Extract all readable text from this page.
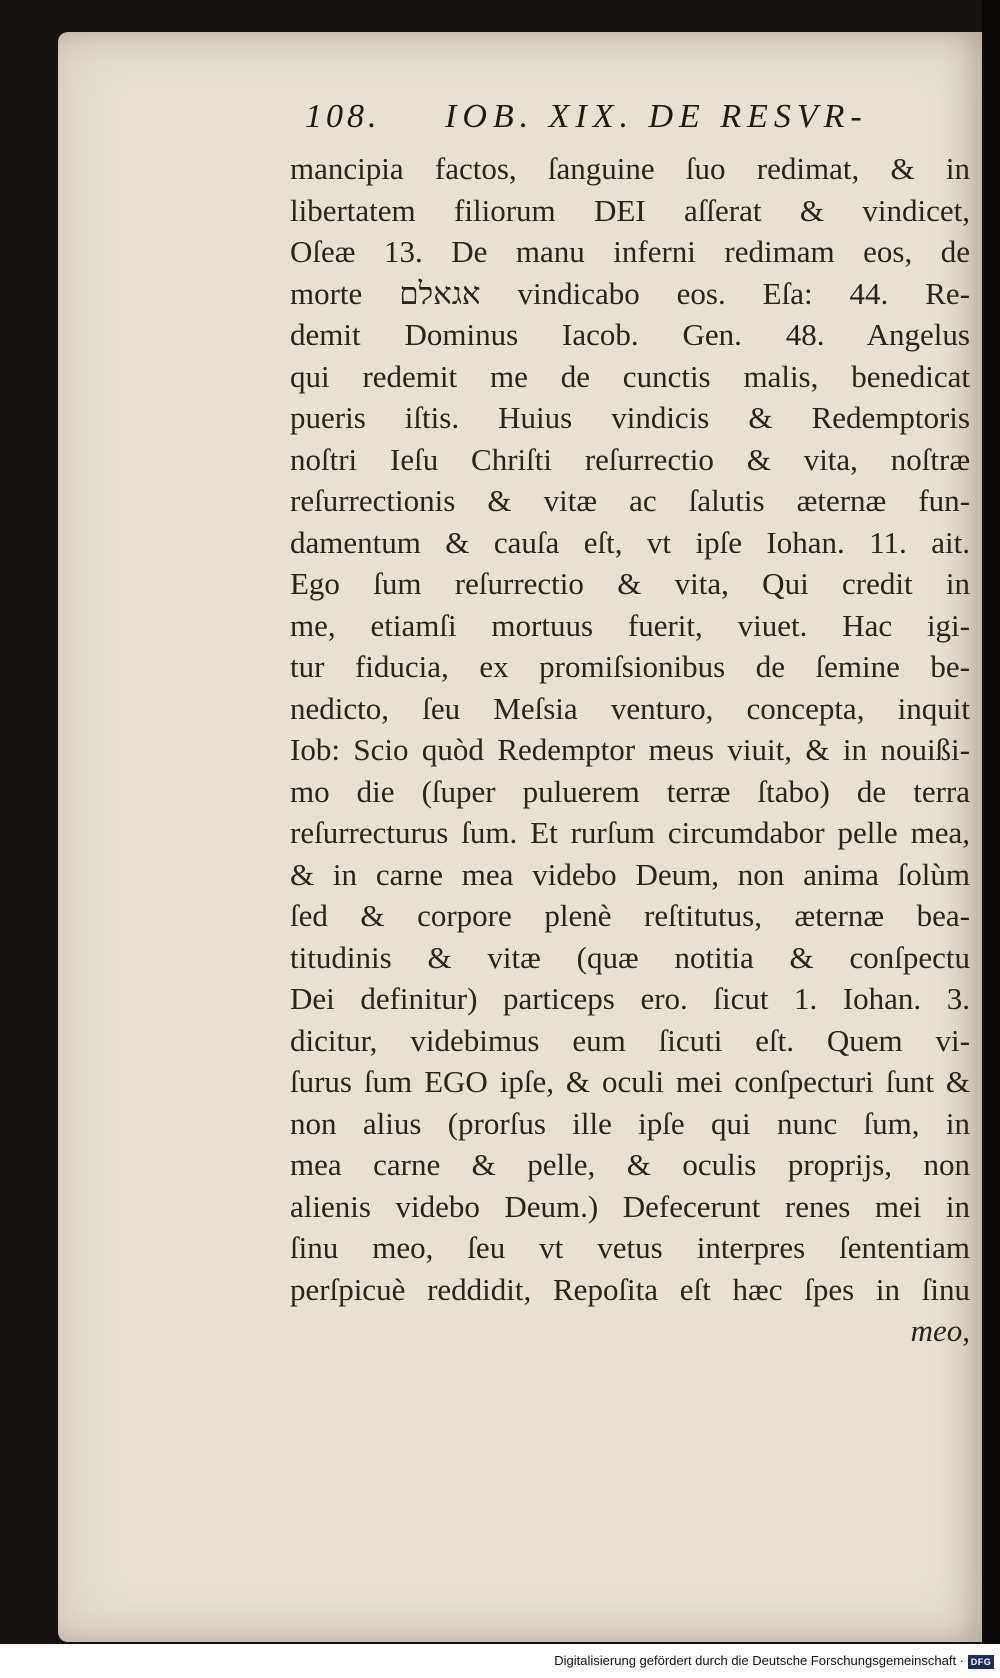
108. IOB. XIX. DE RESVR-
mancipia factos, ſanguine ſuo redimat, & in
libertatem filiorum DEI aſſerat & vindicet,
Oſeæ 13. De manu inferni redimam eos, de
morte אגאלם vindicabo eos. Eſa: 44. Re-
demit Dominus Iacob. Gen. 48. Angelus
qui redemit me de cunctis malis, benedicat
pueris iſtis. Huius vindicis & Redemptoris
noſtri Ieſu Chriſti reſurrectio & vita, noſtræ
reſurrectionis & vitæ ac ſalutis æternæ fun-
damentum & cauſa eſt, vt ipſe Iohan. 11. ait.
Ego ſum reſurrectio & vita, Qui credit in
me, etiamſi mortuus fuerit, viuet. Hac igi-
tur fiducia, ex promiſsionibus de ſemine be-
nedicto, ſeu Meſsia venturo, concepta, inquit
Iob: Scio quòd Redemptor meus viuit, & in nouißi-
mo die (ſuper puluerem terræ ſtabo) de terra
reſurrecturus ſum. Et rurſum circumdabor pelle mea,
& in carne mea videbo Deum, non anima ſolùm
ſed & corpore plenè reſtitutus, æternæ bea-
titudinis & vitæ (quæ notitia & conſpectu
Dei definitur) particeps ero. ſicut 1. Iohan. 3.
dicitur, videbimus eum ſicuti eſt. Quem vi-
ſurus ſum EGO ipſe, & oculi mei conſpecturi ſunt &
non alius (prorſus ille ipſe qui nunc ſum, in
mea carne & pelle, & oculis proprijs, non
alienis videbo Deum.) Defecerunt renes mei in
ſinu meo, ſeu vt vetus interpres ſententiam
perſpicuè reddidit, Repoſita eſt hæc ſpes in ſinu
meo,
Digitalisierung gefördert durch die Deutsche Forschungsgemeinschaft · DFG
